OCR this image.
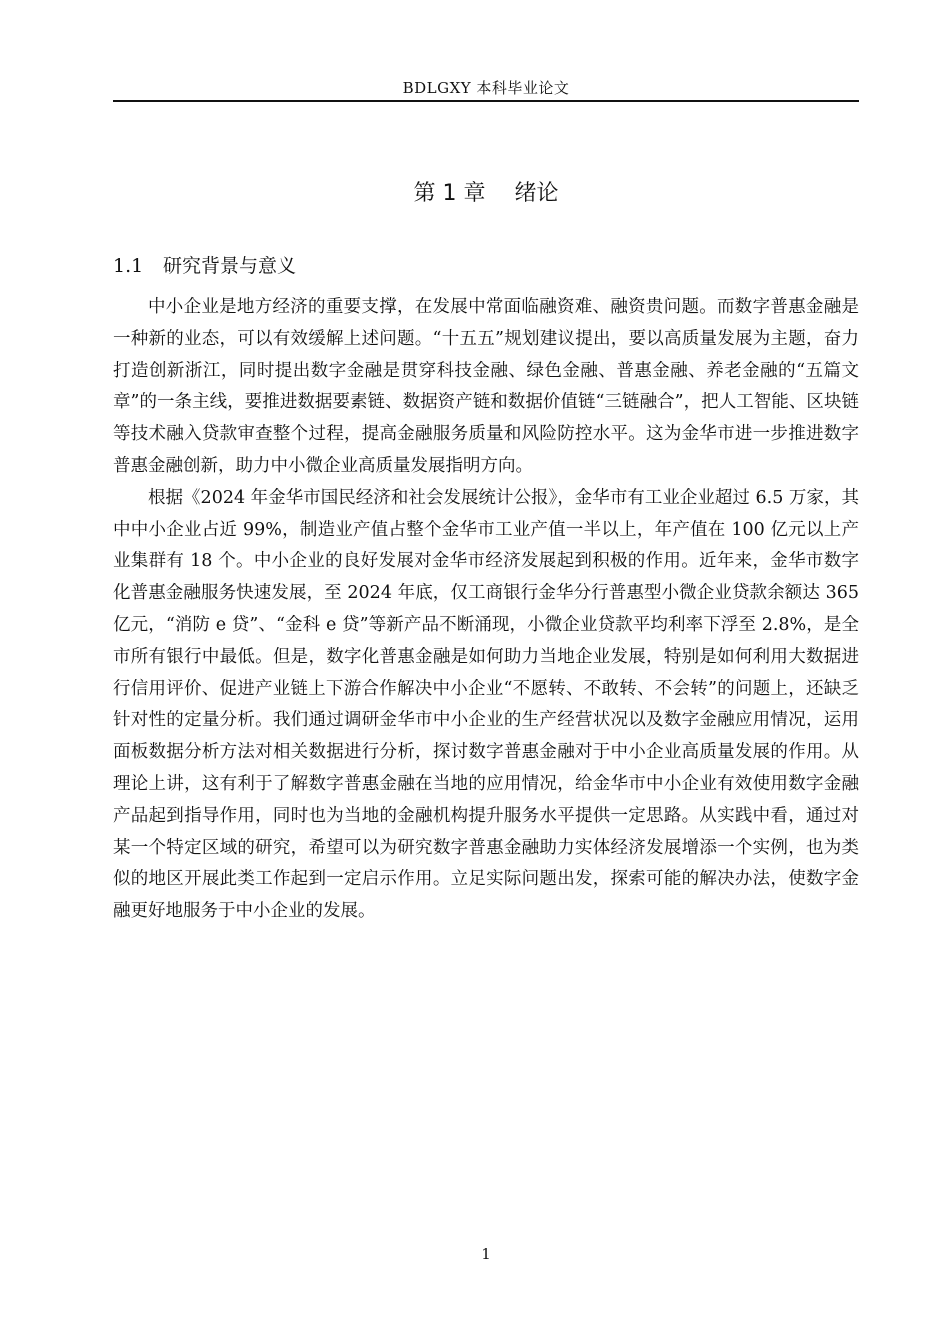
BDLGXY 本科毕业论文
第 1 章　 绪论
1.1 研究背景与意义

中小企业是地方经济的重要支撑，在发展中常面临融资难、融资贵问题。而数字普惠金融是一种新的业态，可以有效缓解上述问题。“十五五”规划建议提出，要以高质量发展为主题，奋力打造创新浙江，同时提出数字金融是贯穿科技金融、绿色金融、普惠金融、养老金融的“五篇文章”的一条主线，要推进数据要素链、数据资产链和数据价值链“三链融合”，把人工智能、区块链等技术融入贷款审查整个过程，提高金融服务质量和风险防控水平。这为金华市进一步推进数字普惠金融创新，助力中小微企业高质量发展指明方向。

根据《2024 年金华市国民经济和社会发展统计公报》，金华市有工业企业超过 6.5 万家，其中中小企业占近 99%，制造业产值占整个金华市工业产值一半以上，年产值在 100 亿元以上产业集群有 18 个。中小企业的良好发展对金华市经济发展起到积极的作用。近年来，金华市数字化普惠金融服务快速发展，至 2024 年底，仅工商银行金华分行普惠型小微企业贷款余额达 365 亿元，“消防 e 贷”、“金科 e 贷”等新产品不断涌现，小微企业贷款平均利率下浮至 2.8%，是全市所有银行中最低。但是，数字化普惠金融是如何助力当地企业发展，特别是如何利用大数据进行信用评价、促进产业链上下游合作解决中小企业“不愿转、不敢转、不会转”的问题上，还缺乏针对性的定量分析。我们通过调研金华市中小企业的生产经营状况以及数字金融应用情况，运用面板数据分析方法对相关数据进行分析，探讨数字普惠金融对于中小企业高质量发展的作用。从理论上讲，这有利于了解数字普惠金融在当地的应用情况，给金华市中小企业有效使用数字金融产品起到指导作用，同时也为当地的金融机构提升服务水平提供一定思路。从实践中看，通过对某一个特定区域的研究，希望可以为研究数字普惠金融助力实体经济发展增添一个实例，也为类似的地区开展此类工作起到一定启示作用。立足实际问题出发，探索可能的解决办法，使数字金融更好地服务于中小企业的发展。

1
